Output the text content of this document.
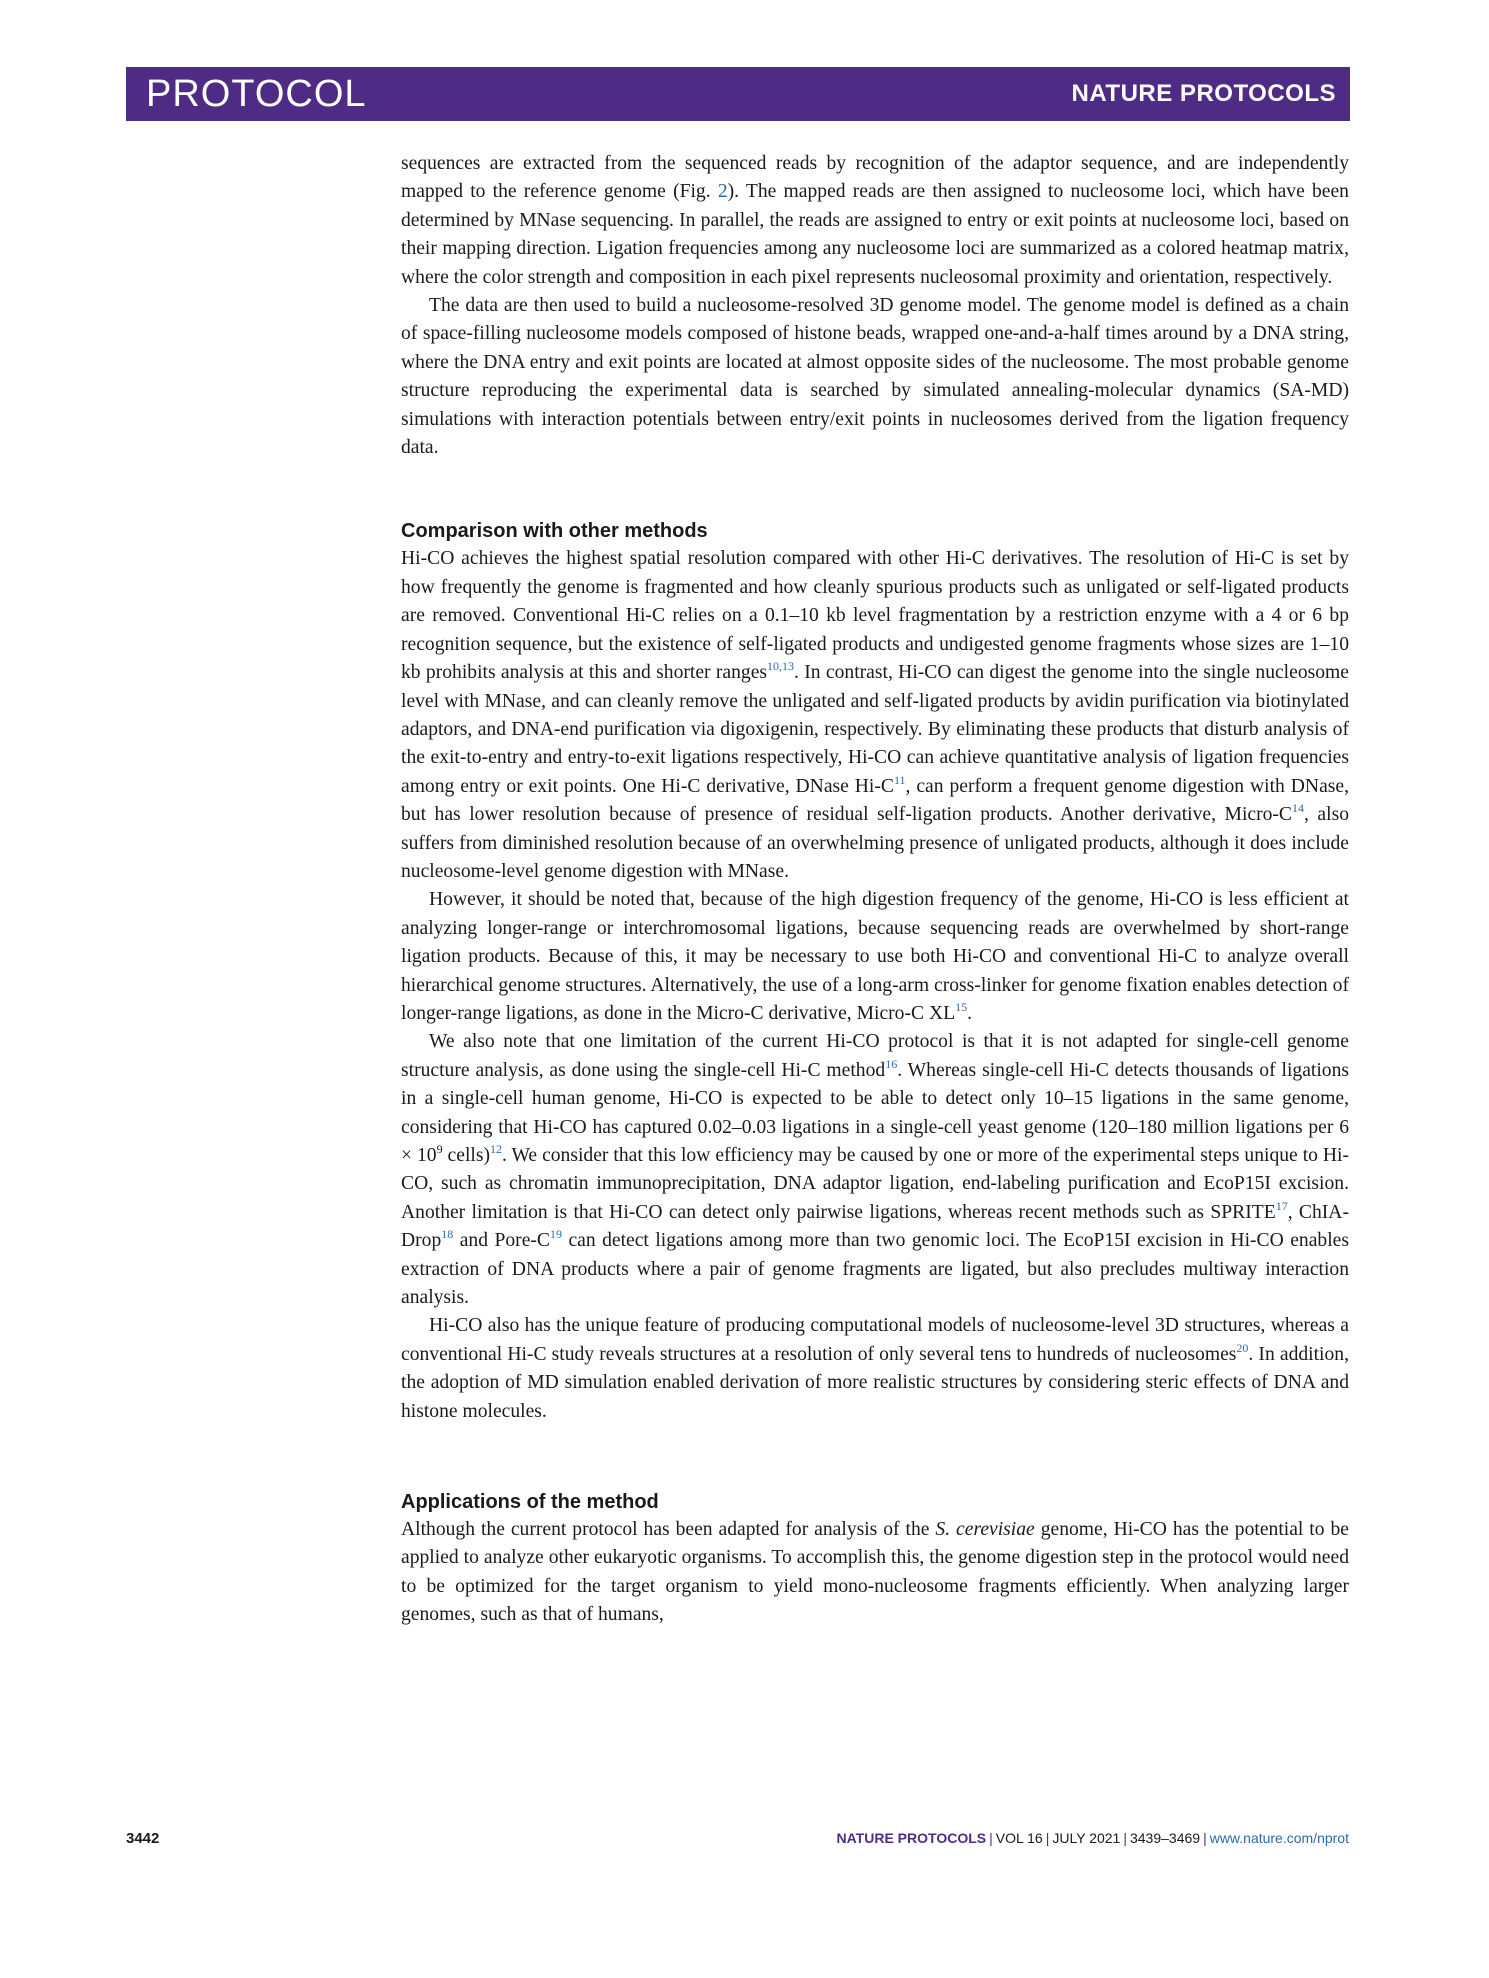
PROTOCOL	NATURE PROTOCOLS

sequences are extracted from the sequenced reads by recognition of the adaptor sequence, and are independently mapped to the reference genome (Fig. 2). The mapped reads are then assigned to nucleosome loci, which have been determined by MNase sequencing. In parallel, the reads are assigned to entry or exit points at nucleosome loci, based on their mapping direction. Ligation frequencies among any nucleosome loci are summarized as a colored heatmap matrix, where the color strength and composition in each pixel represents nucleosomal proximity and orientation, respectively.

The data are then used to build a nucleosome-resolved 3D genome model. The genome model is defined as a chain of space-filling nucleosome models composed of histone beads, wrapped one-and-a-half times around by a DNA string, where the DNA entry and exit points are located at almost opposite sides of the nucleosome. The most probable genome structure reproducing the experimental data is searched by simulated annealing-molecular dynamics (SA-MD) simulations with interaction potentials between entry/exit points in nucleosomes derived from the ligation frequency data.

Comparison with other methods

Hi-CO achieves the highest spatial resolution compared with other Hi-C derivatives. The resolution of Hi-C is set by how frequently the genome is fragmented and how cleanly spurious products such as unligated or self-ligated products are removed. Conventional Hi-C relies on a 0.1–10 kb level fragmentation by a restriction enzyme with a 4 or 6 bp recognition sequence, but the existence of self-ligated products and undigested genome fragments whose sizes are 1–10 kb prohibits analysis at this and shorter ranges$^{10,13}$. In contrast, Hi-CO can digest the genome into the single nucleosome level with MNase, and can cleanly remove the unligated and self-ligated products by avidin purification via biotinylated adaptors, and DNA-end purification via digoxigenin, respectively. By eliminating these products that disturb analysis of the exit-to-entry and entry-to-exit ligations respectively, Hi-CO can achieve quantitative analysis of ligation frequencies among entry or exit points. One Hi-C derivative, DNase $Hi-C^{11}$, can perform a frequent genome digestion with DNase, but has lower resolution because of presence of residual self-ligation products. Another derivative, Micro-$C^{14}$, also suffers from diminished resolution because of an overwhelming presence of unligated products, although it does include nucleosome-level genome digestion with MNase.

However, it should be noted that, because of the high digestion frequency of the genome, Hi-CO is less efficient at analyzing longer-range or interchromosomal ligations, because sequencing reads are overwhelmed by short-range ligation products. Because of this, it may be necessary to use both Hi-CO and conventional Hi-C to analyze overall hierarchical genome structures. Alternatively, the use of a long-arm cross-linker for genome fixation enables detection of longer-range ligations, as done in the Micro-C derivative, Micro-C XL$^{15}$.

We also note that one limitation of the current Hi-CO protocol is that it is not adapted for single-cell genome structure analysis, as done using the single-cell Hi-C method$^{16}$. Whereas single-cell Hi-C detects thousands of ligations in a single-cell human genome, Hi-CO is expected to be able to detect only 10–15 ligations in the same genome, considering that Hi-CO has captured 0.02–0.03 ligations in a single-cell yeast genome (120–180 million ligations per $6 \times 10^9$ cells)$^{12}$. We consider that this low efficiency may be caused by one or more of the experimental steps unique to Hi-CO, such as chromatin immunoprecipitation, DNA adaptor ligation, end-labeling purification and EcoP15I excision. Another limitation is that Hi-CO can detect only pairwise ligations, whereas recent methods such as SPRITE$^{17}$, ChIA-Drop$^{18}$ and Pore-$C^{19}$ can detect ligations among more than two genomic loci. The EcoP15I excision in Hi-CO enables extraction of DNA products where a pair of genome fragments are ligated, but also precludes multiway interaction analysis.

Hi-CO also has the unique feature of producing computational models of nucleosome-level 3D structures, whereas a conventional Hi-C study reveals structures at a resolution of only several tens to hundreds of nucleosomes$^{20}$. In addition, the adoption of MD simulation enabled derivation of more realistic structures by considering steric effects of DNA and histone molecules.

Applications of the method

Although the current protocol has been adapted for analysis of the S. cerevisiae genome, Hi-CO has the potential to be applied to analyze other eukaryotic organisms. To accomplish this, the genome digestion step in the protocol would need to be optimized for the target organism to yield mono-nucleosome fragments efficiently. When analyzing larger genomes, such as that of humans,

3442	NATURE PROTOCOLS | VOL 16 | JULY 2021 | 3439–3469 | www.nature.com/nprot
